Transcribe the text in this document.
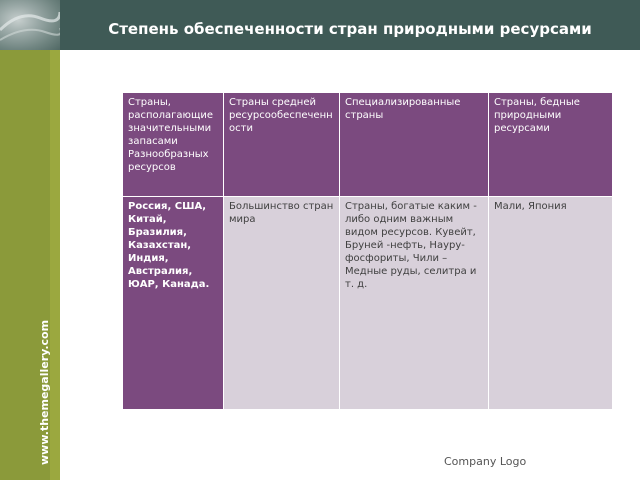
www.themegallery.com
Степень обеспеченности стран природными ресурсами
Страны, располагающие значительными запасами Разнообразных ресурсов	Страны средней ресурсообеспеченности	Специализированные страны	Страны, бедные природными ресурсами
Россия, США, Китай, Бразилия, Казахстан, Индия, Австралия, ЮАР, Канада.	Большинство стран мира	Страны, богатые каким - либо одним важным видом ресурсов. Кувейт, Бруней -нефть, Науру- фосфориты, Чили – Медные руды, селитра и т. д.	Мали, Япония
Company Logo
